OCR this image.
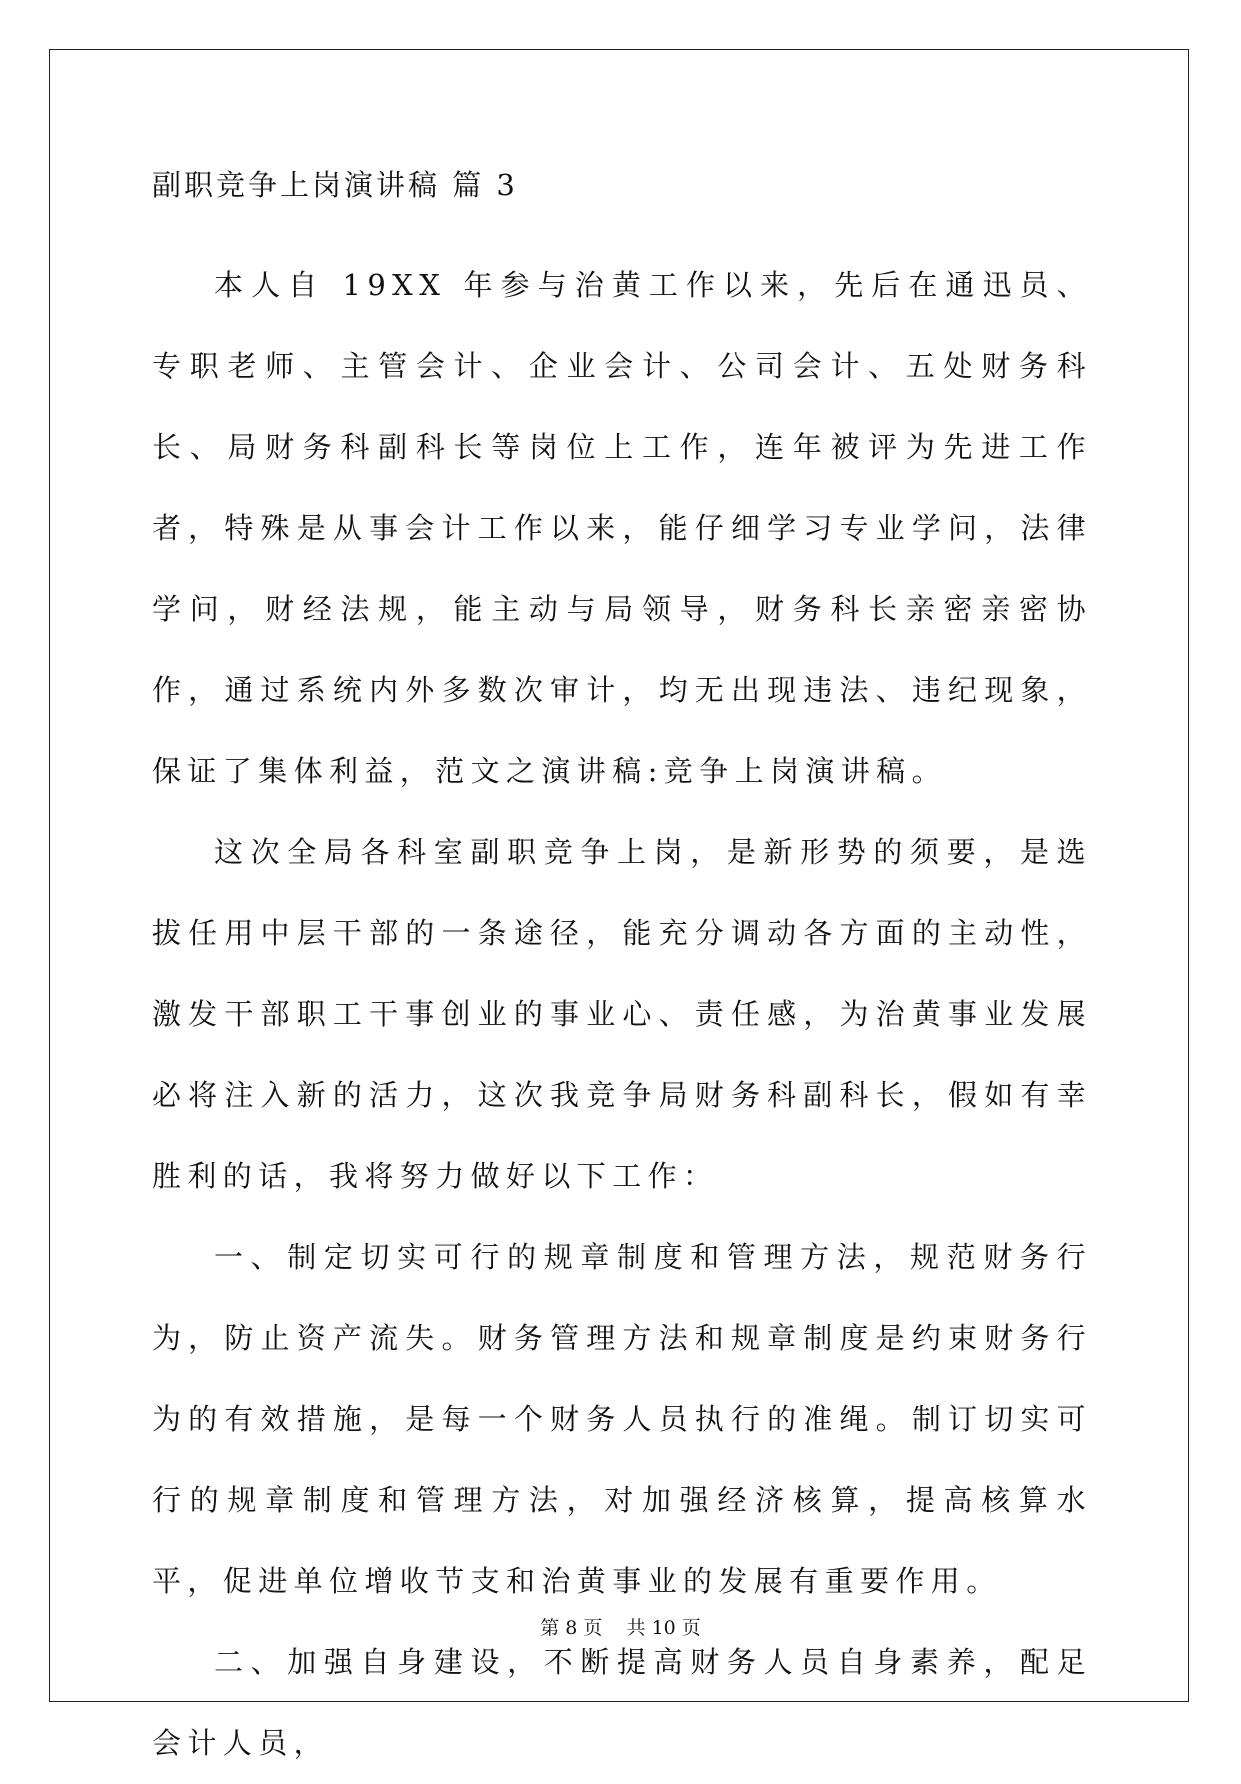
副职竞争上岗演讲稿 篇 3

本人自 19XX 年参与治黄工作以来，先后在通迅员、专职老师、主管会计、企业会计、公司会计、五处财务科长、局财务科副科长等岗位上工作，连年被评为先进工作者，特殊是从事会计工作以来，能仔细学习专业学问，法律学问，财经法规，能主动与局领导，财务科长亲密亲密协作，通过系统内外多数次审计，均无出现违法、违纪现象，保证了集体利益，范文之演讲稿:竞争上岗演讲稿。

这次全局各科室副职竞争上岗，是新形势的须要，是选拔任用中层干部的一条途径，能充分调动各方面的主动性，激发干部职工干事创业的事业心、责任感，为治黄事业发展必将注入新的活力，这次我竞争局财务科副科长，假如有幸胜利的话，我将努力做好以下工作：

一、制定切实可行的规章制度和管理方法，规范财务行为，防止资产流失。财务管理方法和规章制度是约束财务行为的有效措施，是每一个财务人员执行的准绳。制订切实可行的规章制度和管理方法，对加强经济核算，提高核算水平，促进单位增收节支和治黄事业的发展有重要作用。

二、加强自身建设，不断提高财务人员自身素养，配足会计人员，

第 8 页    共 10 页
